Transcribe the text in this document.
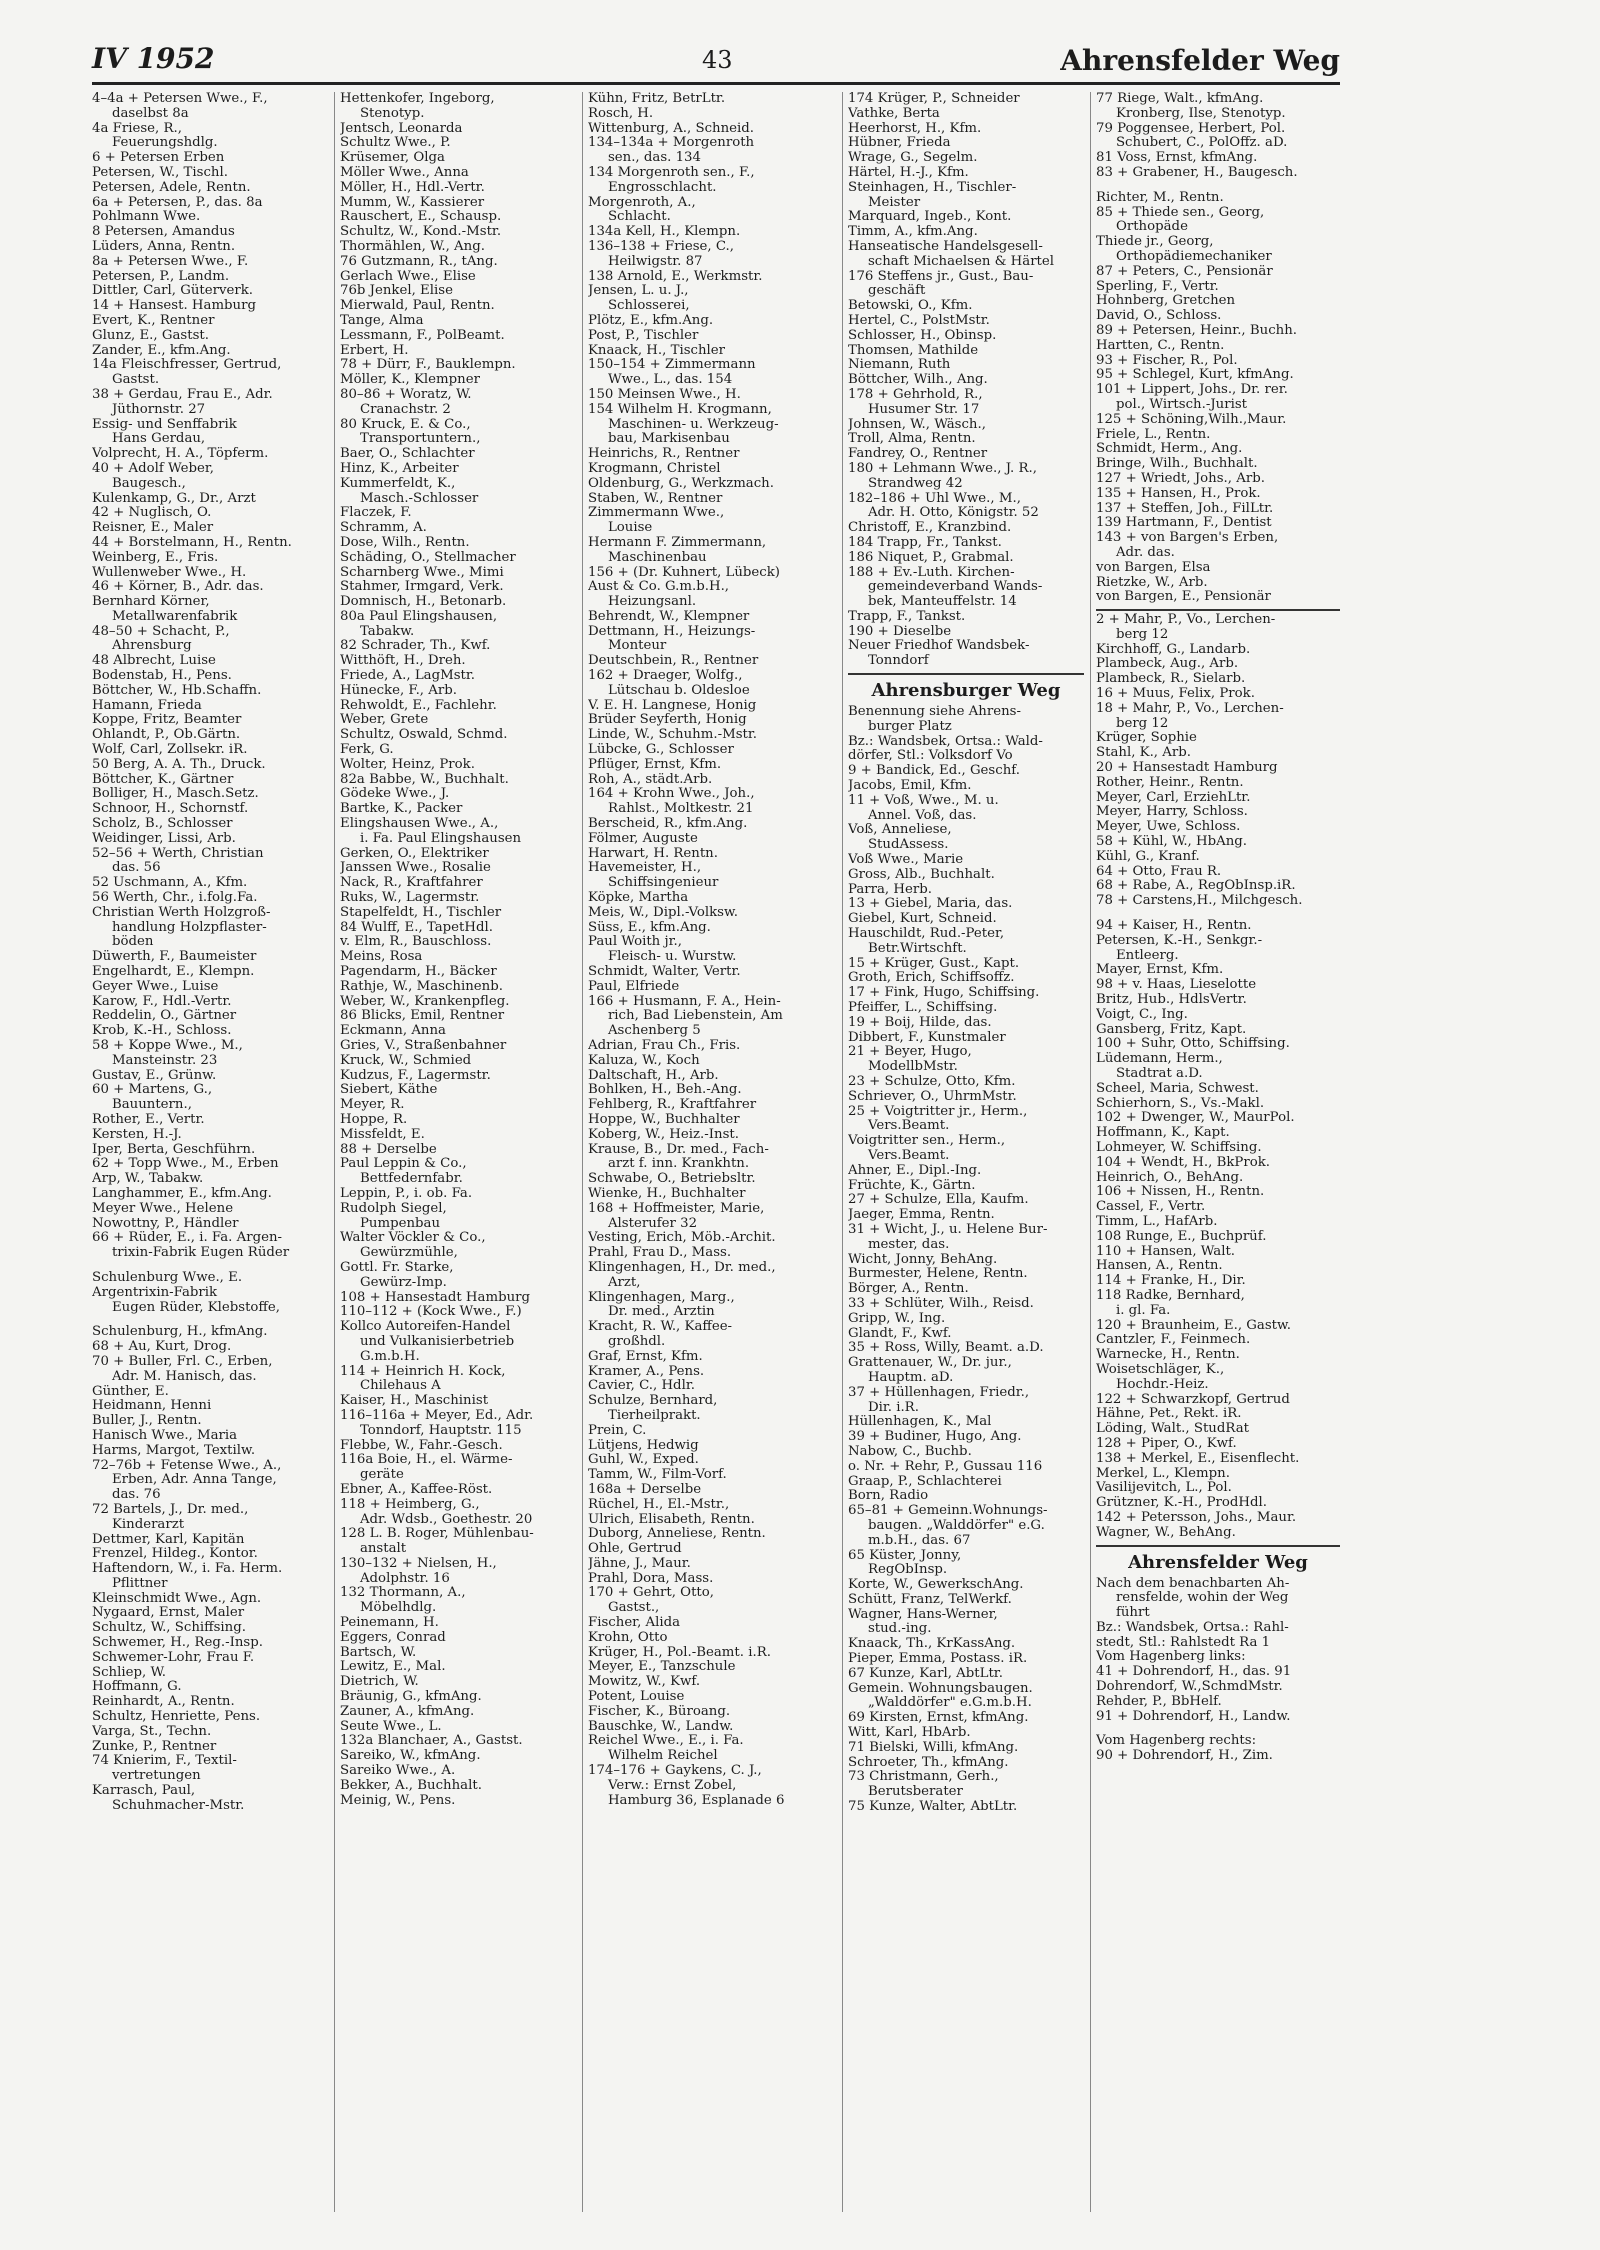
IV 1952	43	Ahrensfelder Weg
4–4a + Petersen Wwe., F.,
  daselbst 8a
4a Friese, R.,
  Feuerungshdlg.
6 + Petersen Erben
Petersen, W., Tischl.
Petersen, Adele, Rentn.
6a + Petersen, P., das. 8a
Pohlmann Wwe.
8 Petersen, Amandus
Lüders, Anna, Rentn.
8a + Petersen Wwe., F.
Petersen, P., Landm.
Dittler, Carl, Güterverk.
14 + Hansest. Hamburg
Evert, K., Rentner
Glunz, E., Gastst.
Zander, E., kfm.Ang.
14a Fleischfresser, Gertrud,
  Gastst.
38 + Gerdau, Frau E., Adr.
  Jüthornstr. 27
Essig- und Senffabrik
  Hans Gerdau,
Volprecht, H. A., Töpferm.
40 + Adolf Weber,
  Baugesch.,
Kulenkamp, G., Dr., Arzt
42 + Nuglisch, O.
Reisner, E., Maler
44 + Borstelmann, H., Rentn.
Weinberg, E., Fris.
Wullenweber Wwe., H.
46 + Körner, B., Adr. das.
Bernhard Körner,
  Metallwarenfabrik
48–50 + Schacht, P.,
  Ahrensburg
48 Albrecht, Luise
Bodenstab, H., Pens.
Böttcher, W., Hb.Schaffn.
Hamann, Frieda
Koppe, Fritz, Beamter
Ohlandt, P., Ob.Gärtn.
Wolf, Carl, Zollsekr. iR.
50 Berg, A. A. Th., Druck.
Böttcher, K., Gärtner
Bolliger, H., Masch.Setz.
Schnoor, H., Schornstf.
Scholz, B., Schlosser
Weidinger, Lissi, Arb.
52–56 + Werth, Christian
  das. 56
52 Uschmann, A., Kfm.
56 Werth, Chr., i.folg.Fa.
Christian Werth Holzgroß-
  handlung Holzpflaster-
  böden
Düwerth, F., Baumeister
Engelhardt, E., Klempn.
Geyer Wwe., Luise
Karow, F., Hdl.-Vertr.
Reddelin, O., Gärtner
Krob, K.-H., Schloss.
58 + Koppe Wwe., M.,
  Mansteinstr. 23
Gustav, E., Grünw.
60 + Martens, G.,
  Bauuntern.,
Rother, E., Vertr.
Kersten, H.-J.
Iper, Berta, Geschführn.
62 + Topp Wwe., M., Erben
Arp, W., Tabakw.
Langhammer, E., kfm.Ang.
Meyer Wwe., Helene
Nowottny, P., Händler
66 + Rüder, E., i. Fa. Argen-
  trixin-Fabrik Eugen Rüder
Schulenburg Wwe., E.
Argentrixin-Fabrik
  Eugen Rüder, Klebstoffe,
Schulenburg, H., kfmAng.
68 + Au, Kurt, Drog.
70 + Buller, Frl. C., Erben,
  Adr. M. Hanisch, das.
Günther, E.
Heidmann, Henni
Buller, J., Rentn.
Hanisch Wwe., Maria
Harms, Margot, Textilw.
72–76b + Fetense Wwe., A.,
  Erben, Adr. Anna Tange,
  das. 76
72 Bartels, J., Dr. med.,
  Kinderarzt
Dettmer, Karl, Kapitän
Frenzel, Hildeg., Kontor.
Haftendorn, W., i. Fa. Herm.
  Pflittner
Kleinschmidt Wwe., Agn.
Nygaard, Ernst, Maler
Schultz, W., Schiffsing.
Schwemer, H., Reg.-Insp.
Schwemer-Lohr, Frau F.
Schliep, W.
Hoffmann, G.
Reinhardt, A., Rentn.
Schultz, Henriette, Pens.
Varga, St., Techn.
Zunke, P., Rentner
74 Knierim, F., Textil-
  vertretungen
Karrasch, Paul,
  Schuhmacher-Mstr.
Hettenkofer, Ingeborg,
  Stenotyp.
Jentsch, Leonarda
Schultz Wwe., P.
Krüsemer, Olga
Möller Wwe., Anna
Möller, H., Hdl.-Vertr.
Mumm, W., Kassierer
Rauschert, E., Schausp.
Schultz, W., Kond.-Mstr.
Thormählen, W., Ang.
76 Gutzmann, R., tAng.
Gerlach Wwe., Elise
76b Jenkel, Elise
Mierwald, Paul, Rentn.
Tange, Alma
Lessmann, F., PolBeamt.
Erbert, H.
78 + Dürr, F., Bauklempn.
Möller, K., Klempner
80–86 + Woratz, W.
  Cranachstr. 2
80 Kruck, E. & Co.,
  Transportuntern.,
Baer, O., Schlachter
Hinz, K., Arbeiter
Kummerfeldt, K.,
  Masch.-Schlosser
Flaczek, F.
Schramm, A.
Dose, Wilh., Rentn.
Schäding, O., Stellmacher
Scharnberg Wwe., Mimi
Stahmer, Irmgard, Verk.
Domnisch, H., Betonarb.
80a Paul Elingshausen,
  Tabakw.
82 Schrader, Th., Kwf.
Witthöft, H., Dreh.
Friede, A., LagMstr.
Hünecke, F., Arb.
Rehwoldt, E., Fachlehr.
Weber, Grete
Schultz, Oswald, Schmd.
Ferk, G.
Wolter, Heinz, Prok.
82a Babbe, W., Buchhalt.
Gödeke Wwe., J.
Bartke, K., Packer
Elingshausen Wwe., A.,
  i. Fa. Paul Elingshausen
Gerken, O., Elektriker
Janssen Wwe., Rosalie
Nack, R., Kraftfahrer
Ruks, W., Lagermstr.
Stapelfeldt, H., Tischler
84 Wulff, E., TapetHdl.
v. Elm, R., Bauschloss.
Meins, Rosa
Pagendarm, H., Bäcker
Rathje, W., Maschinenb.
Weber, W., Krankenpfleg.
86 Blicks, Emil, Rentner
Eckmann, Anna
Gries, V., Straßenbahner
Kruck, W., Schmied
Kudzus, F., Lagermstr.
Siebert, Käthe
Meyer, R.
Hoppe, R.
Missfeldt, E.
88 + Derselbe
Paul Leppin & Co.,
  Bettfedernfabr.
Leppin, P., i. ob. Fa.
Rudolph Siegel,
  Pumpenbau
Walter Vöckler & Co.,
  Gewürzmühle,
Gottl. Fr. Starke,
  Gewürz-Imp.
108 + Hansestadt Hamburg
110–112 + (Kock Wwe., F.)
Kollco Autoreifen-Handel
  und Vulkanisierbetrieb
  G.m.b.H.
114 + Heinrich H. Kock,
  Chilehaus A
Kaiser, H., Maschinist
116–116a + Meyer, Ed., Adr.
  Tonndorf, Hauptstr. 115
Flebbe, W., Fahr.-Gesch.
116a Boie, H., el. Wärme-
  geräte
Ebner, A., Kaffee-Röst.
118 + Heimberg, G.,
  Adr. Wdsb., Goethestr. 20
128 L. B. Roger, Mühlenbau-
  anstalt
130–132 + Nielsen, H.,
  Adolphstr. 16
132 Thormann, A.,
  Möbelhdlg.
Peinemann, H.
Eggers, Conrad
Bartsch, W.
Lewitz, E., Mal.
Dietrich, W.
Bräunig, G., kfmAng.
Zauner, A., kfmAng.
Seute Wwe., L.
132a Blanchaer, A., Gastst.
Sareiko, W., kfmAng.
Sareiko Wwe., A.
Bekker, A., Buchhalt.
Meinig, W., Pens.
Kühn, Fritz, BetrLtr.
Rosch, H.
Wittenburg, A., Schneid.
134–134a + Morgenroth
  sen., das. 134
134 Morgenroth sen., F.,
  Engrosschlacht.
Morgenroth, A.,
  Schlacht.
134a Kell, H., Klempn.
136–138 + Friese, C.,
  Heilwigstr. 87
138 Arnold, E., Werkmstr.
Jensen, L. u. J.,
  Schlosserei,
Plötz, E., kfm.Ang.
Post, P., Tischler
Knaack, H., Tischler
150–154 + Zimmermann
  Wwe., L., das. 154
150 Meinsen Wwe., H.
154 Wilhelm H. Krogmann,
  Maschinen- u. Werkzeug-
  bau, Markisenbau
Heinrichs, R., Rentner
Krogmann, Christel
Oldenburg, G., Werkzmach.
Staben, W., Rentner
Zimmermann Wwe.,
  Louise
Hermann F. Zimmermann,
  Maschinenbau
156 + (Dr. Kuhnert, Lübeck)
Aust & Co. G.m.b.H.,
  Heizungsanl.
Behrendt, W., Klempner
Dettmann, H., Heizungs-
  Monteur
Deutschbein, R., Rentner
162 + Draeger, Wolfg.,
  Lütschau b. Oldesloe
V. E. H. Langnese, Honig
Brüder Seyferth, Honig
Linde, W., Schuhm.-Mstr.
Lübcke, G., Schlosser
Pflüger, Ernst, Kfm.
Roh, A., städt.Arb.
164 + Krohn Wwe., Joh.,
  Rahlst., Moltkestr. 21
Berscheid, R., kfm.Ang.
Fölmer, Auguste
Harwart, H. Rentn.
Havemeister, H.,
  Schiffsingenieur
Köpke, Martha
Meis, W., Dipl.-Volksw.
Süss, E., kfm.Ang.
Paul Woith jr.,
  Fleisch- u. Wurstw.
Schmidt, Walter, Vertr.
Paul, Elfriede
166 + Husmann, F. A., Hein-
  rich, Bad Liebenstein, Am
  Aschenberg 5
Adrian, Frau Ch., Fris.
Kaluza, W., Koch
Daltschaft, H., Arb.
Bohlken, H., Beh.-Ang.
Fehlberg, R., Kraftfahrer
Hoppe, W., Buchhalter
Koberg, W., Heiz.-Inst.
Krause, B., Dr. med., Fach-
  arzt f. inn. Krankhtn.
Schwabe, O., Betriebsltr.
Wienke, H., Buchhalter
168 + Hoffmeister, Marie,
  Alsterufer 32
Vesting, Erich, Möb.-Archit.
Prahl, Frau D., Mass.
Klingenhagen, H., Dr. med.,
  Arzt,
Klingenhagen, Marg.,
  Dr. med., Ärztin
Kracht, R. W., Kaffee-
  großhdl.
Graf, Ernst, Kfm.
Kramer, A., Pens.
Cavier, C., Hdlr.
Schulze, Bernhard,
  Tierheilprakt.
Prein, C.
Lütjens, Hedwig
Guhl, W., Exped.
Tamm, W., Film-Vorf.
168a + Derselbe
Rüchel, H., El.-Mstr.,
Ulrich, Elisabeth, Rentn.
Duborg, Anneliese, Rentn.
Ohle, Gertrud
Jähne, J., Maur.
Prahl, Dora, Mass.
170 + Gehrt, Otto,
  Gastst.,
Fischer, Alida
Krohn, Otto
Krüger, H., Pol.-Beamt. i.R.
Meyer, E., Tanzschule
Mowitz, W., Kwf.
Potent, Louise
Fischer, K., Büroang.
Bauschke, W., Landw.
Reichel Wwe., E., i. Fa.
  Wilhelm Reichel
174–176 + Gaykens, C. J.,
  Verw.: Ernst Zobel,
  Hamburg 36, Esplanade 6
174 Krüger, P., Schneider
Vathke, Berta
Heerhorst, H., Kfm.
Hübner, Frieda
Wrage, G., Segelm.
Härtel, H.-J., Kfm.
Steinhagen, H., Tischler-
  Meister
Marquard, Ingeb., Kont.
Timm, A., kfm.Ang.
Hanseatische Handelsgesell-
  schaft Michaelsen & Härtel
176 Steffens jr., Gust., Bau-
  geschäft
Betowski, O., Kfm.
Hertel, C., PolstMstr.
Schlosser, H., Obinsp.
Thomsen, Mathilde
Niemann, Ruth
Böttcher, Wilh., Ang.
178 + Gehrhold, R.,
  Husumer Str. 17
Johnsen, W., Wäsch.,
Troll, Alma, Rentn.
Fandrey, O., Rentner
180 + Lehmann Wwe., J. R.,
  Strandweg 42
182–186 + Uhl Wwe., M.,
  Adr. H. Otto, Königstr. 52
Christoff, E., Kranzbind.
184 Trapp, Fr., Tankst.
186 Niquet, P., Grabmal.
188 + Ev.-Luth. Kirchen-
  gemeindeverband Wands-
  bek, Manteuffelstr. 14
Trapp, F., Tankst.
190 + Dieselbe
Neuer Friedhof Wandsbek-
  Tonndorf
Ahrensburger Weg
Benennung siehe Ahrens-
  burger Platz
Bz.: Wandsbek, Ortsa.: Wald-
dörfer, Stl.: Volksdorf Vo
9 + Bandick, Ed., Geschf.
Jacobs, Emil, Kfm.
11 + Voß, Wwe., M. u.
  Annel. Voß, das.
Voß, Anneliese,
  StudAssess.
Voß Wwe., Marie
Gross, Alb., Buchhalt.
Parra, Herb.
13 + Giebel, Maria, das.
Giebel, Kurt, Schneid.
Hauschildt, Rud.-Peter,
  Betr.Wirtschft.
15 + Krüger, Gust., Kapt.
Groth, Erich, Schiffsoffz.
17 + Fink, Hugo, Schiffsing.
Pfeiffer, L., Schiffsing.
19 + Boij, Hilde, das.
Dibbert, F., Kunstmaler
21 + Beyer, Hugo,
  ModellbMstr.
23 + Schulze, Otto, Kfm.
Schriever, O., UhrmMstr.
25 + Voigtritter jr., Herm.,
  Vers.Beamt.
Voigtritter sen., Herm.,
  Vers.Beamt.
Ahner, E., Dipl.-Ing.
Früchte, K., Gärtn.
27 + Schulze, Ella, Kaufm.
Jaeger, Emma, Rentn.
31 + Wicht, J., u. Helene Bur-
  mester, das.
Wicht, Jonny, BehAng.
Burmester, Helene, Rentn.
Börger, A., Rentn.
33 + Schlüter, Wilh., Reisd.
Gripp, W., Ing.
Glandt, F., Kwf.
35 + Ross, Willy, Beamt. a.D.
Grattenauer, W., Dr. jur.,
  Hauptm. aD.
37 + Hüllenhagen, Friedr.,
  Dir. i.R.
Hüllenhagen, K., Mal
39 + Budiner, Hugo, Ang.
Nabow, C., Buchb.
o. Nr. + Rehr, P., Gussau 116
Graap, P., Schlachterei
Born, Radio
65–81 + Gemeinn.Wohnungs-
  baugen. „Walddörfer" e.G.
  m.b.H., das. 67
65 Küster, Jonny,
  RegObInsp.
Korte, W., GewerkschAng.
Schütt, Franz, TelWerkf.
Wagner, Hans-Werner,
  stud.-ing.
Knaack, Th., KrKassAng.
Pieper, Emma, Postass. iR.
67 Kunze, Karl, AbtLtr.
Gemein. Wohnungsbaugen.
  „Walddörfer" e.G.m.b.H.
69 Kirsten, Ernst, kfmAng.
Witt, Karl, HbArb.
71 Bielski, Willi, kfmAng.
Schroeter, Th., kfmAng.
73 Christmann, Gerh.,
  Berutsberater
75 Kunze, Walter, AbtLtr.
77 Riege, Walt., kfmAng.
  Kronberg, Ilse, Stenotyp.
79 Poggensee, Herbert, Pol.
  Schubert, C., PolOffz. aD.
81 Voss, Ernst, kfmAng.
83 + Grabener, H., Baugesch.
Richter, M., Rentn.
85 + Thiede sen., Georg,
  Orthopäde
Thiede jr., Georg,
  Orthopädiemechaniker
87 + Peters, C., Pensionär
Sperling, F., Vertr.
Hohnberg, Gretchen
David, O., Schloss.
89 + Petersen, Heinr., Buchh.
Hartten, C., Rentn.
93 + Fischer, R., Pol.
95 + Schlegel, Kurt, kfmAng.
101 + Lippert, Johs., Dr. rer.
  pol., Wirtsch.-Jurist
125 + Schöning,Wilh.,Maur.
Friele, L., Rentn.
Schmidt, Herm., Ang.
Bringe, Wilh., Buchhalt.
127 + Wriedt, Johs., Arb.
135 + Hansen, H., Prok.
137 + Steffen, Joh., FilLtr.
139 Hartmann, F., Dentist
143 + von Bargen's Erben,
  Adr. das.
von Bargen, Elsa
Rietzke, W., Arb.
von Bargen, E., Pensionär
2 + Mahr, P., Vo., Lerchen-
  berg 12
Kirchhoff, G., Landarb.
Plambeck, Aug., Arb.
Plambeck, R., Sielarb.
16 + Muus, Felix, Prok.
18 + Mahr, P., Vo., Lerchen-
  berg 12
Krüger, Sophie
Stahl, K., Arb.
20 + Hansestadt Hamburg
Rother, Heinr., Rentn.
Meyer, Carl, ErziehLtr.
Meyer, Harry, Schloss.
Meyer, Uwe, Schloss.
58 + Kühl, W., HbAng.
Kühl, G., Kranf.
64 + Otto, Frau R.
68 + Rabe, A., RegObInsp.iR.
78 + Carstens,H., Milchgesch.
94 + Kaiser, H., Rentn.
Petersen, K.-H., Senkgr.-
  Entleerg.
Mayer, Ernst, Kfm.
98 + v. Haas, Lieselotte
Britz, Hub., HdlsVertr.
Voigt, C., Ing.
Gansberg, Fritz, Kapt.
100 + Suhr, Otto, Schiffsing.
Lüdemann, Herm.,
  Stadtrat a.D.
Scheel, Maria, Schwest.
Schierhorn, S., Vs.-Makl.
102 + Dwenger, W., MaurPol.
Hoffmann, K., Kapt.
Lohmeyer, W. Schiffsing.
104 + Wendt, H., BkProk.
Heinrich, O., BehAng.
106 + Nissen, H., Rentn.
Cassel, F., Vertr.
Timm, L., HafArb.
108 Runge, E., Buchprüf.
110 + Hansen, Walt.
Hansen, A., Rentn.
114 + Franke, H., Dir.
118 Radke, Bernhard,
  i. gl. Fa.
120 + Braunheim, E., Gastw.
Cantzler, F., Feinmech.
Warnecke, H., Rentn.
Woisetschläger, K.,
  Hochdr.-Heiz.
122 + Schwarzkopf, Gertrud
Hähne, Pet., Rekt. iR.
Löding, Walt., StudRat
128 + Piper, O., Kwf.
138 + Merkel, E., Eisenflecht.
Merkel, L., Klempn.
Vasilijevitch, L., Pol.
Grützner, K.-H., ProdHdl.
142 + Petersson, Johs., Maur.
Wagner, W., BehAng.
Ahrensfelder Weg
Nach dem benachbarten Ah-
  rensfelde, wohin der Weg
  führt
Bz.: Wandsbek, Ortsa.: Rahl-
stedt, Stl.: Rahlstedt Ra 1
Vom Hagenberg links:
41 + Dohrendorf, H., das. 91
Dohrendorf, W.,SchmdMstr.
Rehder, P., BbHelf.
91 + Dohrendorf, H., Landw.
Vom Hagenberg rechts:
90 + Dohrendorf, H., Zim.
